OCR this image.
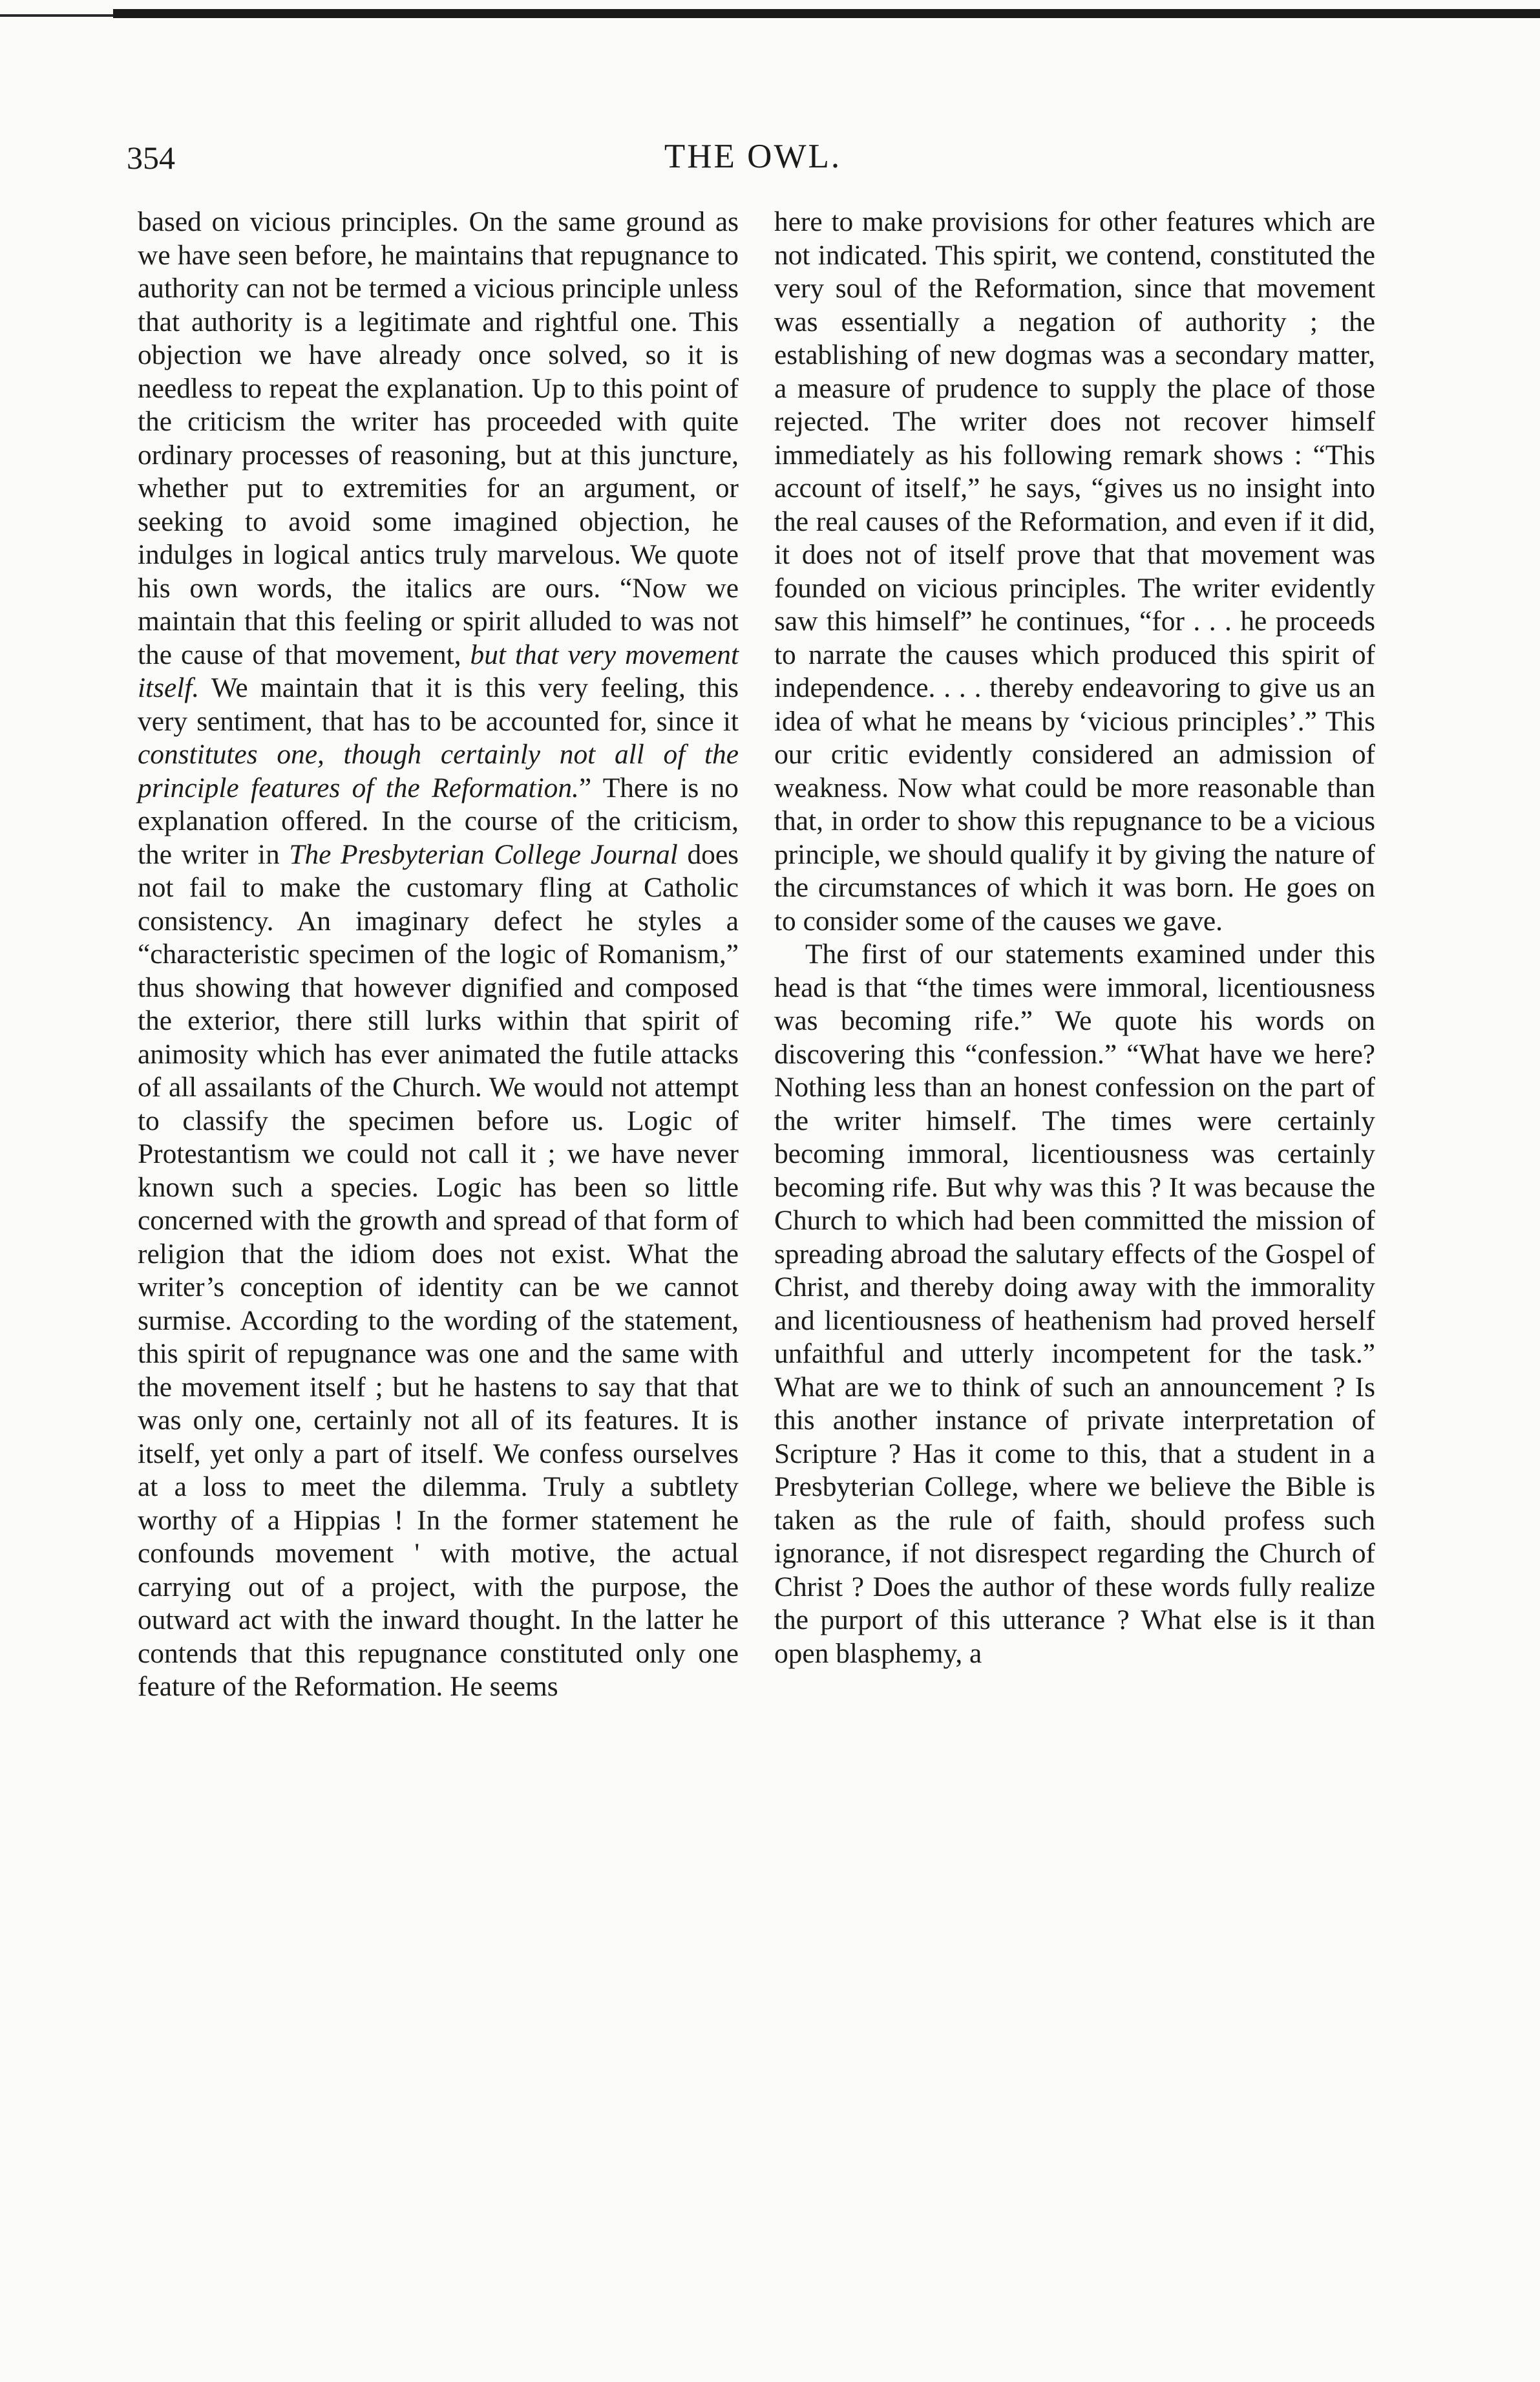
354	THE OWL.

based on vicious principles. On the same ground as we have seen before, he maintains that repugnance to authority can not be termed a vicious principle unless that authority is a legitimate and rightful one. This objection we have already once solved, so it is needless to repeat the explanation. Up to this point of the criticism the writer has proceeded with quite ordinary processes of reasoning, but at this juncture, whether put to extremities for an argument, or seeking to avoid some imagined objection, he indulges in logical antics truly marvelous. We quote his own words, the italics are ours. “Now we maintain that this feeling or spirit alluded to was not the cause of that movement, but that very movement itself. We maintain that it is this very feeling, this very sentiment, that has to be accounted for, since it constitutes one, though certainly not all of the principle features of the Reformation.” There is no explanation offered. In the course of the criticism, the writer in The Presbyterian College Journal does not fail to make the customary fling at Catholic consistency. An imaginary defect he styles a “characteristic specimen of the logic of Romanism,” thus showing that however dignified and composed the exterior, there still lurks within that spirit of animosity which has ever animated the futile attacks of all assailants of the Church. We would not attempt to classify the specimen before us. Logic of Protestantism we could not call it ; we have never known such a species. Logic has been so little concerned with the growth and spread of that form of religion that the idiom does not exist. What the writer’s conception of identity can be we cannot surmise. According to the wording of the statement, this spirit of repugnance was one and the same with the movement itself ; but he hastens to say that that was only one, certainly not all of its features. It is itself, yet only a part of itself. We confess ourselves at a loss to meet the dilemma. Truly a subtlety worthy of a Hippias ! In the former statement he confounds movement ' with motive, the actual carrying out of a project, with the purpose, the outward act with the inward thought. In the latter he contends that this repugnance constituted only one feature of the Reformation. He seems

here to make provisions for other features which are not indicated. This spirit, we contend, constituted the very soul of the Reformation, since that movement was essentially a negation of authority ; the establishing of new dogmas was a secondary matter, a measure of prudence to supply the place of those rejected. The writer does not recover himself immediately as his following remark shows : “This account of itself,” he says, “gives us no insight into the real causes of the Reformation, and even if it did, it does not of itself prove that that movement was founded on vicious principles. The writer evidently saw this himself” he continues, “for . . . he proceeds to narrate the causes which produced this spirit of independence. . . . thereby endeavoring to give us an idea of what he means by ‘vicious principles’.” This our critic evidently considered an admission of weakness. Now what could be more reasonable than that, in order to show this repugnance to be a vicious principle, we should qualify it by giving the nature of the circumstances of which it was born. He goes on to consider some of the causes we gave.

The first of our statements examined under this head is that “the times were immoral, licentiousness was becoming rife.” We quote his words on discovering this “confession.” “What have we here? Nothing less than an honest confession on the part of the writer himself. The times were certainly becoming immoral, licentiousness was certainly becoming rife. But why was this ? It was because the Church to which had been committed the mission of spreading abroad the salutary effects of the Gospel of Christ, and thereby doing away with the immorality and licentiousness of heathenism had proved herself unfaithful and utterly incompetent for the task.” What are we to think of such an announcement ? Is this another instance of private interpretation of Scripture ? Has it come to this, that a student in a Presbyterian College, where we believe the Bible is taken as the rule of faith, should profess such ignorance, if not disrespect regarding the Church of Christ ? Does the author of these words fully realize the purport of this utterance ? What else is it than open blasphemy, a
